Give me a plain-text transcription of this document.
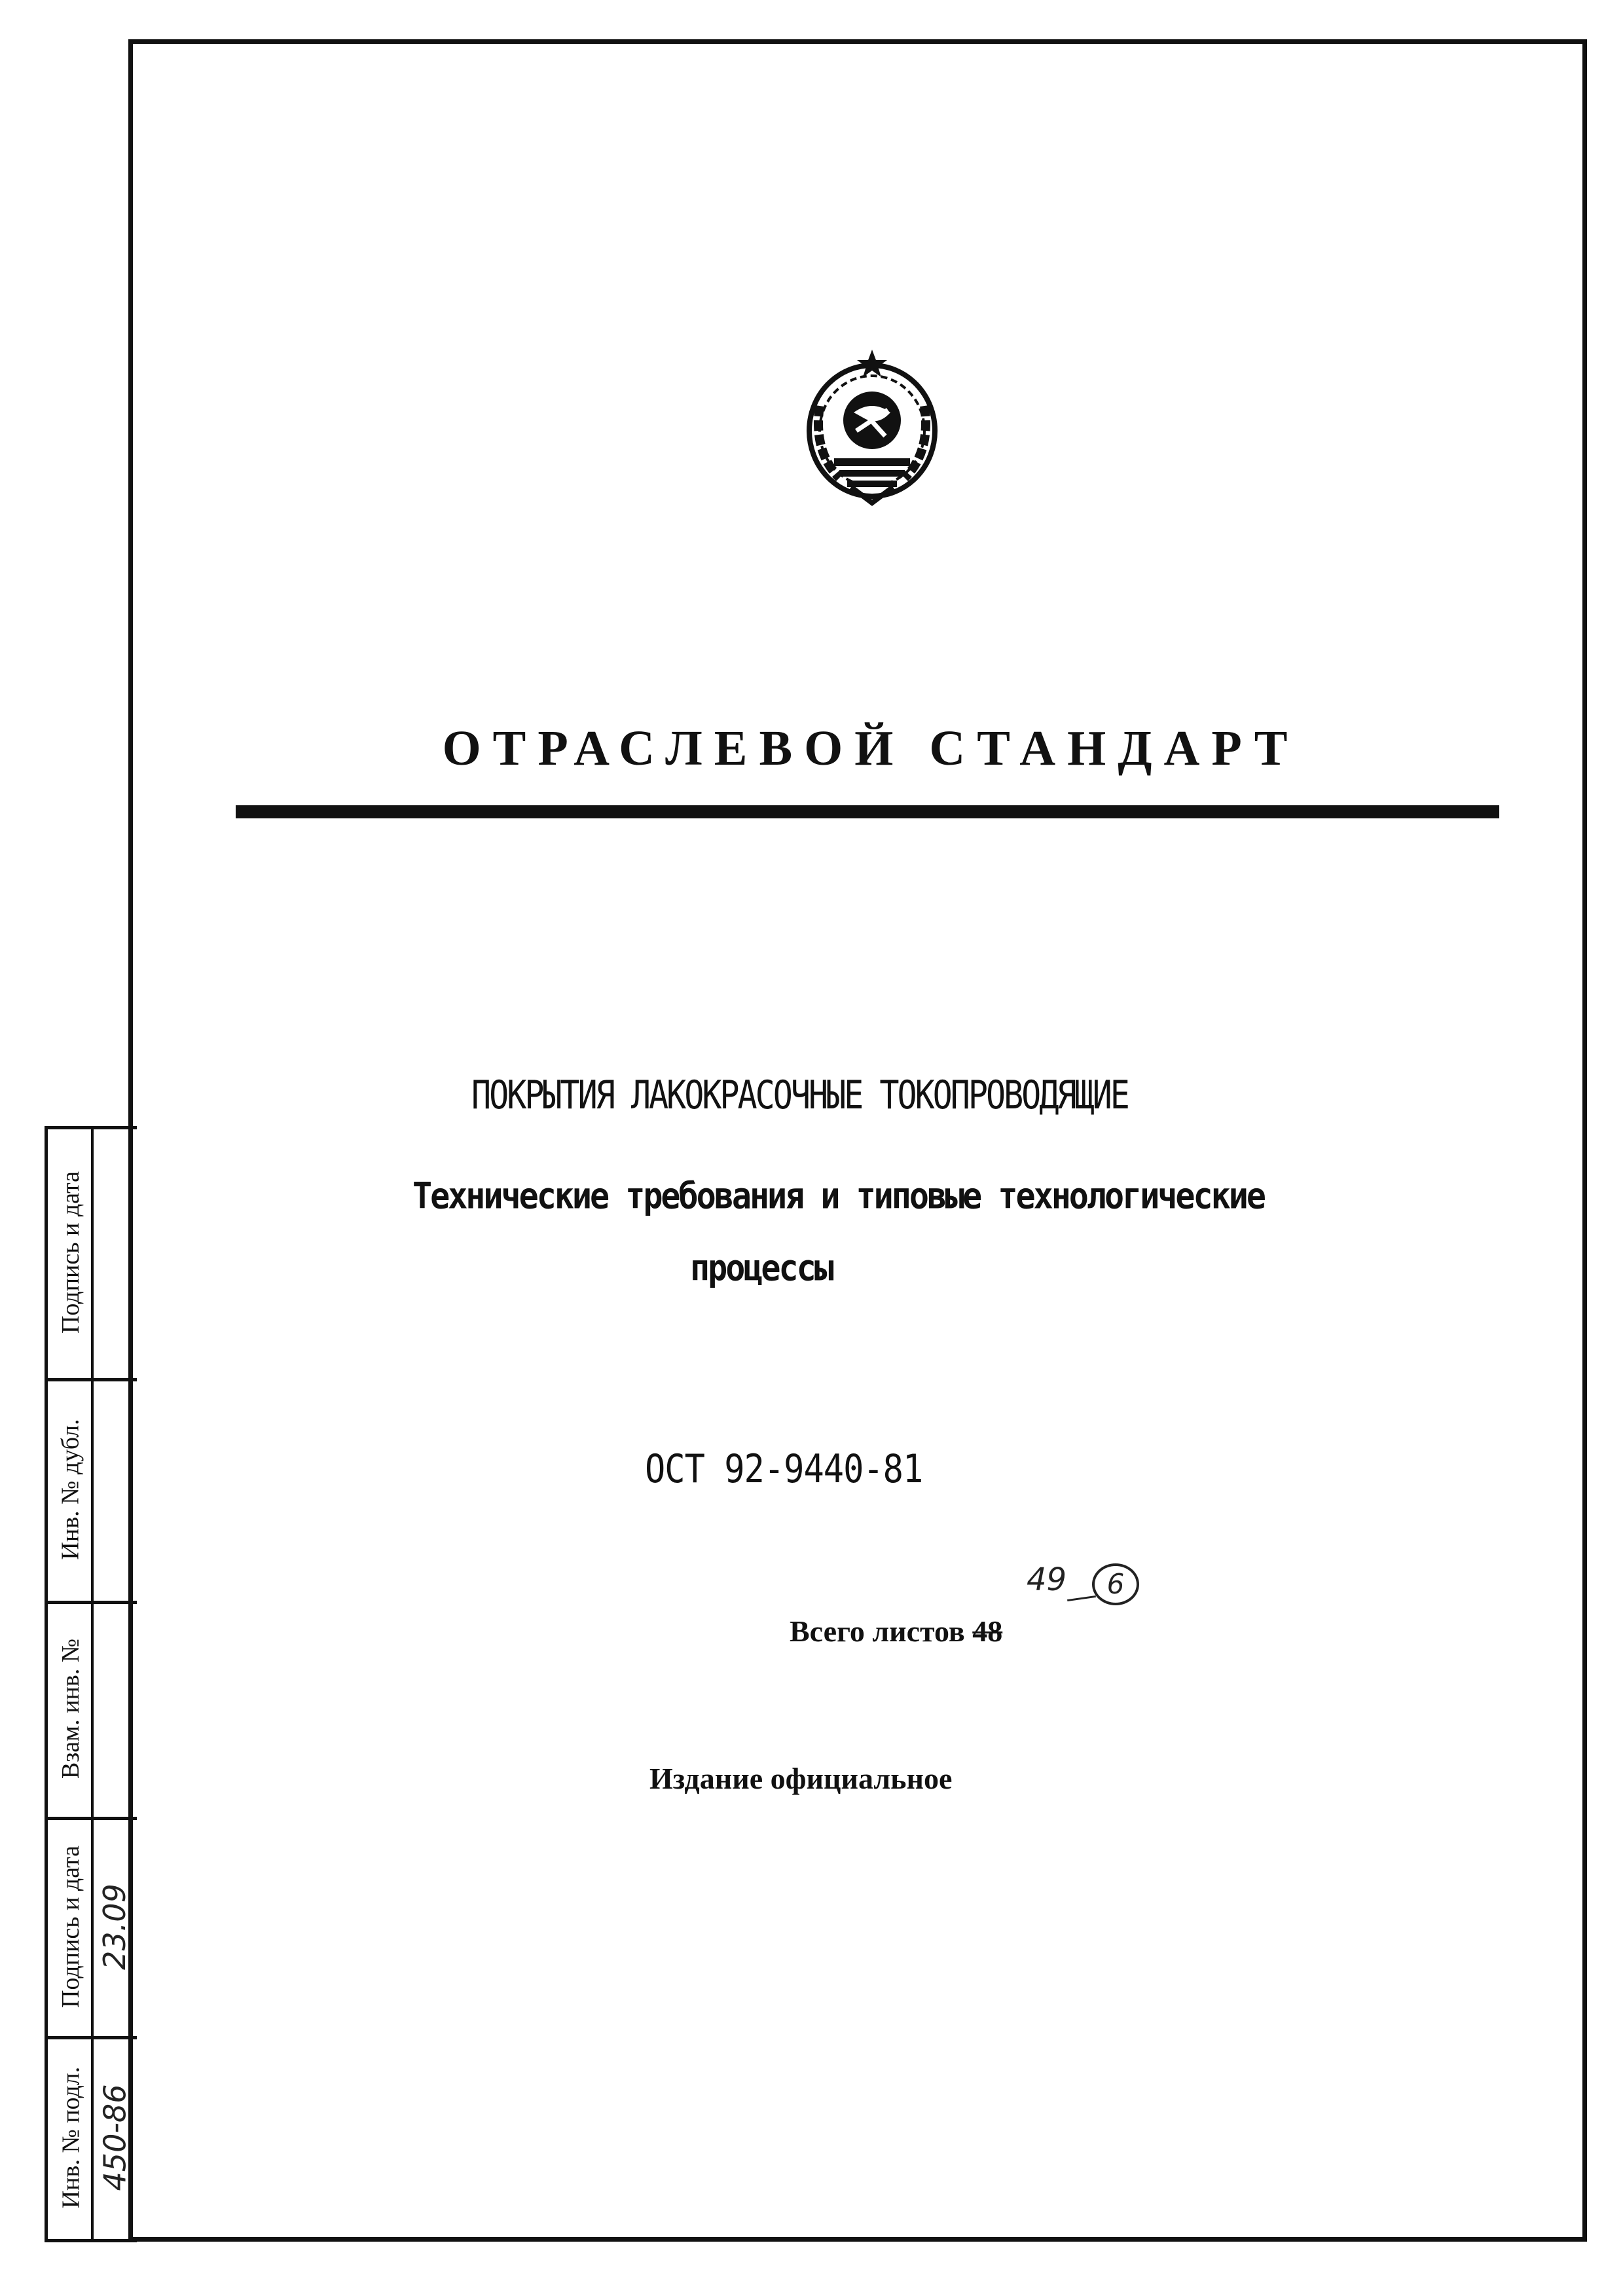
ОТРАСЛЕВОЙ СТАНДАРТ
ПОКРЫТИЯ ЛАКОКРАСОЧНЫЕ ТОКОПРОВОДЯЩИЕ
Технические требования и типовые технологические
процессы
ОСТ 92-9440-81
49	6
Всего листов 48
Издание официальное
Подпись и дата
Инв. № дубл.
Взам. инв. №
Подпись и дата
Инв. № подл.
23.09
450-86
